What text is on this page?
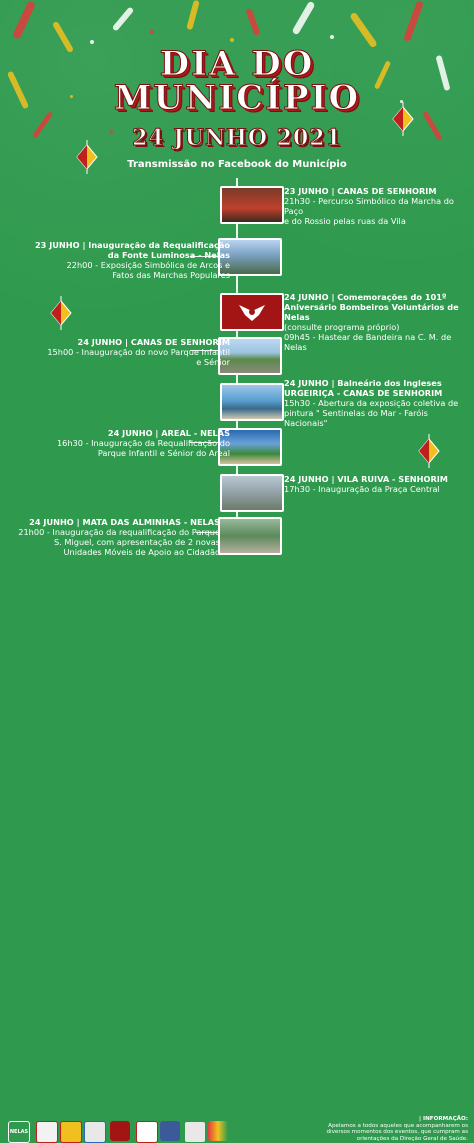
DIA DO
MUNICÍPIO
24 JUNHO 2021
Transmissão no Facebook do Município
23 JUNHO | CANAS DE SENHORIM
21h30 - Percurso Simbólico da Marcha do Paço
e do Rossio pelas ruas da Vila
23 JUNHO | Inauguração da Requalificação
da Fonte Luminosa - Nelas
22h00 - Exposição Simbólica de Arcos e
Fatos das Marchas Populares
24 JUNHO | Comemorações do 101º
Aniversário Bombeiros Voluntários de Nelas
(consulte programa próprio)
09h45 - Hastear de Bandeira na C. M. de Nelas
24 JUNHO | CANAS DE SENHORIM
15h00 - Inauguração do novo Parque Infantil
e Sénior
24 JUNHO | Balneário dos Ingleses
URGEIRIÇA - CANAS DE SENHORIM
15h30 - Abertura da exposição coletiva de
pintura " Sentinelas do Mar - Faróis Nacionais"
24 JUNHO | AREAL - NELAS
16h30 - Inauguração da Requalificação do
Parque Infantil e Sénior do Areal
24 JUNHO | VILA RUIVA - SENHORIM
17h30 - Inauguração da Praça Central
24 JUNHO | MATA DAS ALMINHAS - NELAS
21h00 - Inauguração da requalificação do Parque
S. Miguel, com apresentação de 2 novas
Unidades Móveis de Apoio ao Cidadão
NELAS
| INFORMAÇÃO:
Apelamos a todos aqueles que acompanharem os diversos momentos dos eventos, que cumpram as orientações da Direção Geral de Saúde.
